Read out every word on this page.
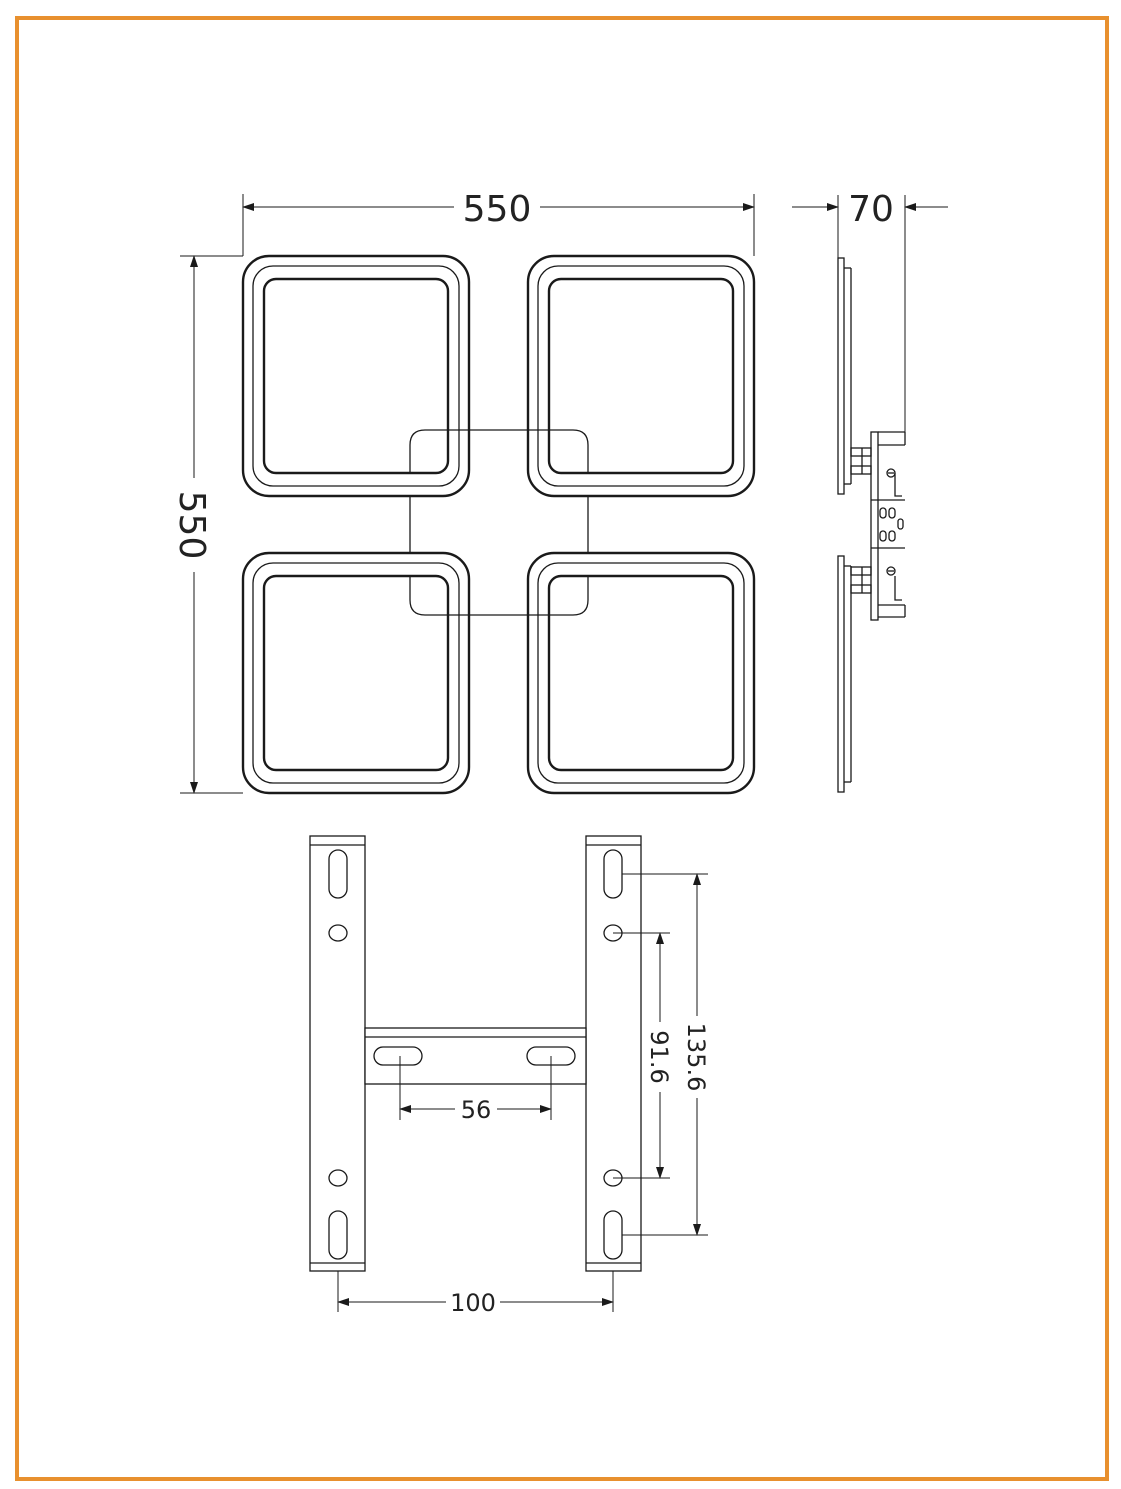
550
550
70
56
91.6 135.6
100
